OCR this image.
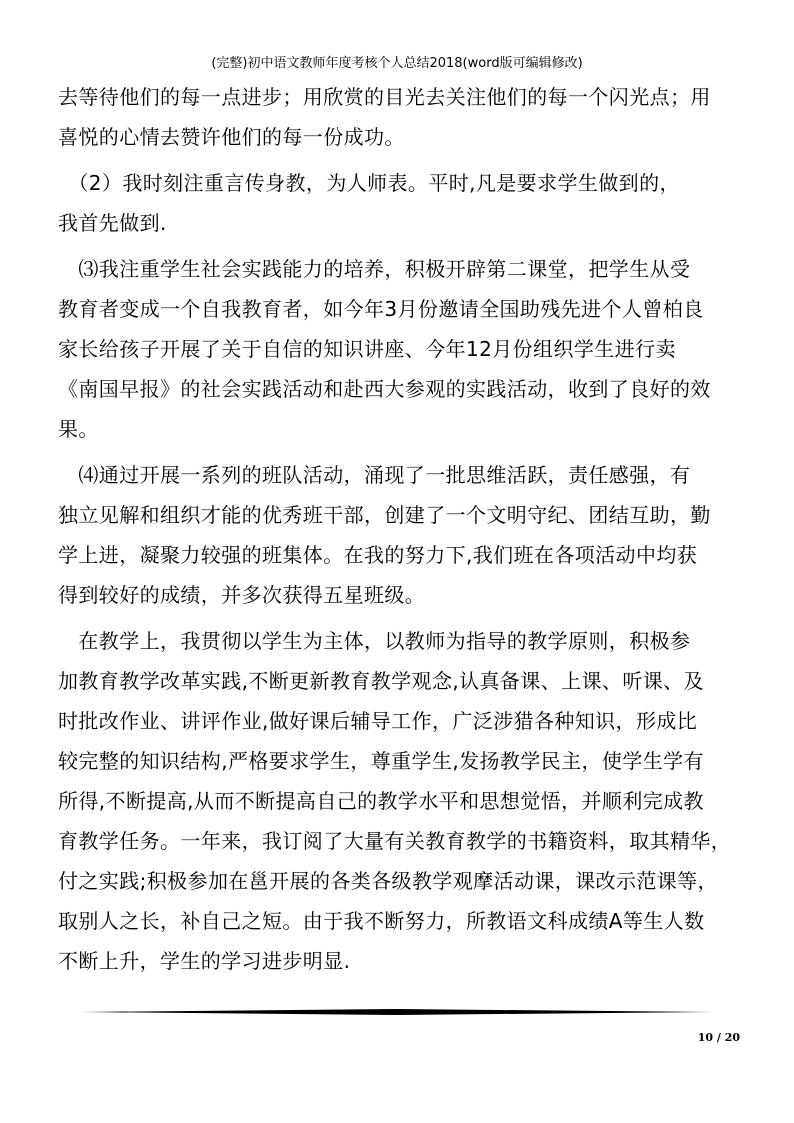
(完整)初中语文教师年度考核个人总结2018(word版可编辑修改)

去等待他们的每一点进步；用欣赏的目光去关注他们的每一个闪光点；用

喜悦的心情去赞许他们的每一份成功。

　（2）我时刻注重言传身教，为人师表。平时,凡是要求学生做到的，

我首先做到.

　⑶我注重学生社会实践能力的培养，积极开辟第二课堂，把学生从受

教育者变成一个自我教育者，如今年3月份邀请全国助残先进个人曾柏良

家长给孩子开展了关于自信的知识讲座、今年12月份组织学生进行卖

《南国早报》的社会实践活动和赴西大参观的实践活动，收到了良好的效

果。

　⑷通过开展一系列的班队活动，涌现了一批思维活跃，责任感强，有

独立见解和组织才能的优秀班干部，创建了一个文明守纪、团结互助，勤

学上进，凝聚力较强的班集体。在我的努力下,我们班在各项活动中均获

得到较好的成绩，并多次获得五星班级。

　在教学上，我贯彻以学生为主体，以教师为指导的教学原则，积极参

加教育教学改革实践,不断更新教育教学观念,认真备课、上课、听课、及

时批改作业、讲评作业,做好课后辅导工作，广泛涉猎各种知识，形成比

较完整的知识结构,严格要求学生，尊重学生,发扬教学民主，使学生学有

所得,不断提高,从而不断提高自己的教学水平和思想觉悟，并顺利完成教

育教学任务。一年来，我订阅了大量有关教育教学的书籍资料，取其精华，

付之实践;积极参加在邕开展的各类各级教学观摩活动课，课改示范课等，

取别人之长，补自己之短。由于我不断努力，所教语文科成绩A等生人数

不断上升，学生的学习进步明显.

10 / 20
